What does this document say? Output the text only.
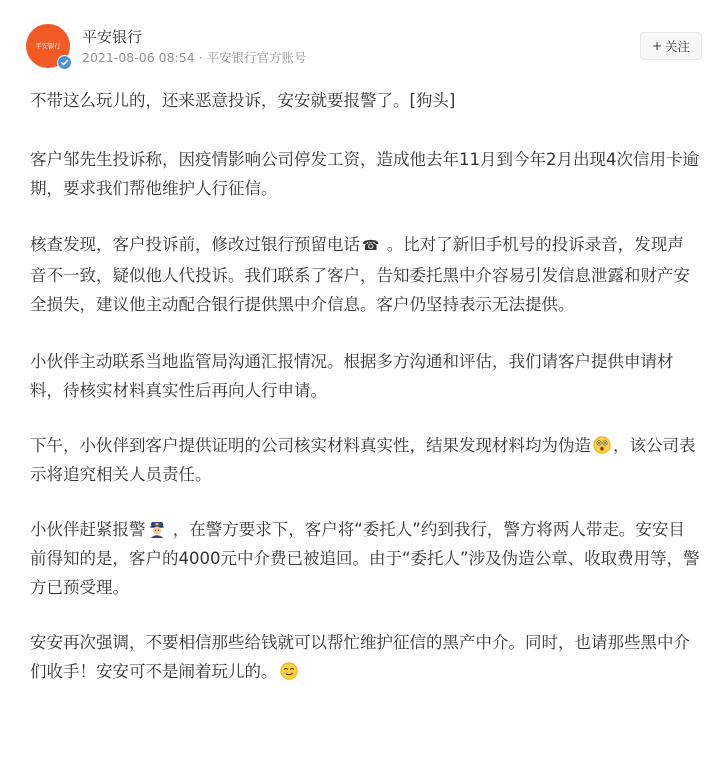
平安银行 平安银行
2021-08-06 08:54 · 平安银行官方账号
+ 关注

不带这么玩儿的，还来恶意投诉，安安就要报警了。[狗头]

客户邹先生投诉称，因疫情影响公司停发工资，造成他去年11月到今年2月出现4次信用卡逾期，要求我们帮他维护人行征信。

核查发现，客户投诉前，修改过银行预留电话 ☎ 。比对了新旧手机号的投诉录音，发现声音不一致，疑似他人代投诉。我们联系了客户，告知委托黑中介容易引发信息泄露和财产安全损失，建议他主动配合银行提供黑中介信息。客户仍坚持表示无法提供。

小伙伴主动联系当地监管局沟通汇报情况。根据多方沟通和评估，我们请客户提供申请材料，待核实材料真实性后再向人行申请。

下午，小伙伴到客户提供证明的公司核实材料真实性，结果发现材料均为伪造 ，该公司表示将追究相关人员责任。

小伙伴赶紧报警 ，在警方要求下，客户将“委托人”约到我行，警方将两人带走。安安目前得知的是，客户的4000元中介费已被追回。由于“委托人”涉及伪造公章、收取费用等，警方已预受理。

安安再次强调，不要相信那些给钱就可以帮忙维护征信的黑产中介。同时，也请那些黑中介们收手！安安可不是闹着玩儿的。
